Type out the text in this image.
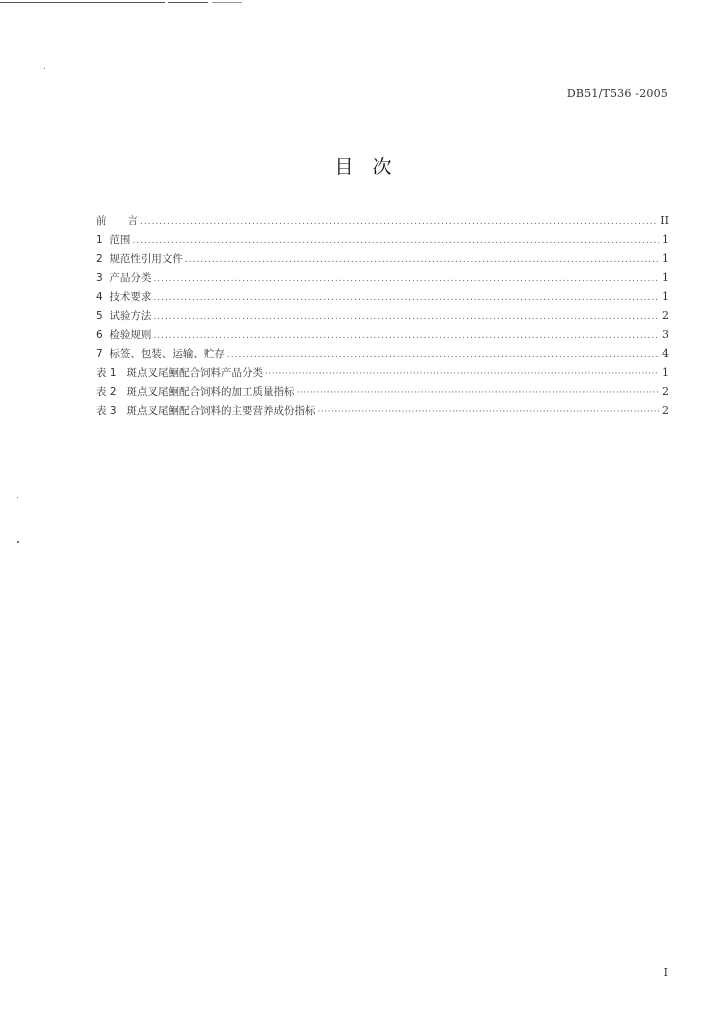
DB51/T536 -2005
目　次
前　　言 .....	II
1  范围 .....	1
2  规范性引用文件 .....	1
3  产品分类 .....	1
4  技术要求 .....	1
5  试验方法 .....	2
6  检验规则 .....	3
7  标签、包装、运输、贮存 .....	4
表 1   斑点叉尾鮰配合饲料产品分类 ·····	1
表 2   斑点叉尾鮰配合饲料的加工质量指标 ·····	2
表 3   斑点叉尾鮰配合饲料的主要营养成份指标 ·····	2
I
